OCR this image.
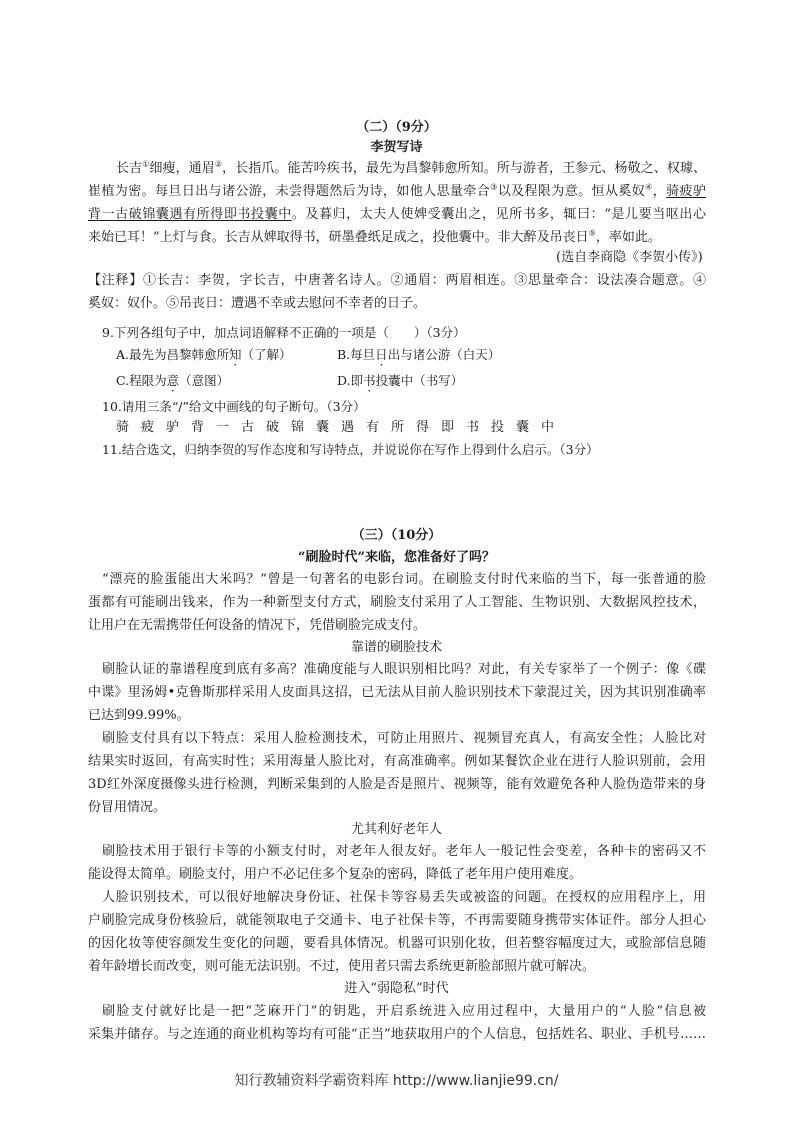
（二）（9分）
李贺写诗
长吉①细瘦，通眉②，长指爪。能苦吟疾书，最先为昌黎韩愈所知。所与游者，王参元、杨敬之、权璩、
崔植为密。每旦日出与诸公游，未尝得题然后为诗，如他人思量牵合③以及程限为意。恒从奚奴④，骑疲驴
背一古破锦囊遇有所得即书投囊中。及暮归，太夫人使婢受囊出之，见所书多，辄曰：“是儿要当呕出心
来始已耳！”上灯与食。长吉从婢取得书，研墨叠纸足成之，投他囊中。非大醉及吊丧日⑤，率如此。
(选自李商隐《李贺小传》)
【注释】①长吉：李贺，字长吉，中唐著名诗人。②通眉：两眉相连。③思量牵合：设法凑合题意。④
奚奴：奴仆。⑤吊丧日：遭遇不幸或去慰问不幸者的日子。
9.下列各组句子中，加点词语解释不正确的一项是（　　）（3分）
A.最先为昌黎韩愈所知（了解）	B.每旦日出与诸公游（白天）
C.程限为意（意图）	D.即书投囊中（书写）
10.请用三条“/”给文中画线的句子断句。（3分）
骑疲驴背一古破锦囊遇有所得即书投囊中
11.结合选文，归纳李贺的写作态度和写诗特点，并说说你在写作上得到什么启示。（3分）
（三）（10分）
“刷脸时代”来临，您准备好了吗？
“漂亮的脸蛋能出大米吗？”曾是一句著名的电影台词。在刷脸支付时代来临的当下，每一张普通的脸
蛋都有可能刷出钱来，作为一种新型支付方式，刷脸支付采用了人工智能、生物识别、大数据风控技术，
让用户在无需携带任何设备的情况下，凭借刷脸完成支付。
靠谱的刷脸技术
刷脸认证的靠谱程度到底有多高？准确度能与人眼识别相比吗？对此，有关专家举了一个例子：像《碟
中谍》里汤姆•克鲁斯那样采用人皮面具这招，已无法从目前人脸识别技术下蒙混过关，因为其识别准确率
已达到99.99%。
刷脸支付具有以下特点：采用人脸检测技术，可防止用照片、视频冒充真人，有高安全性；人脸比对
结果实时返回，有高实时性；采用海量人脸比对，有高准确率。例如某餐饮企业在进行人脸识别前，会用
3D红外深度摄像头进行检测，判断采集到的人脸是否是照片、视频等，能有效避免各种人脸伪造带来的身
份冒用情况。
尤其利好老年人
刷脸技术用于银行卡等的小额支付时，对老年人很友好。老年人一般记性会变差，各种卡的密码又不
能设得太简单。刷脸支付，用户不必记住多个复杂的密码，降低了老年用户使用难度。
人脸识别技术，可以很好地解决身份证、社保卡等容易丢失或被盗的问题。在授权的应用程序上，用
户刷脸完成身份核验后，就能领取电子交通卡、电子社保卡等，不再需要随身携带实体证件。部分人担心
的因化妆等使容颜发生变化的问题，要看具体情况。机器可识别化妆，但若整容幅度过大，或脸部信息随
着年龄增长而改变，则可能无法识别。不过，使用者只需去系统更新脸部照片就可解决。
进入“弱隐私”时代
刷脸支付就好比是一把“芝麻开门”的钥匙，开启系统进入应用过程中，大量用户的“人脸”信息被
采集并储存。与之连通的商业机构等均有可能“正当”地获取用户的个人信息，包括姓名、职业、手机号……
知行教辅资料学霸资料库 http://www.lianjie99.cn/
